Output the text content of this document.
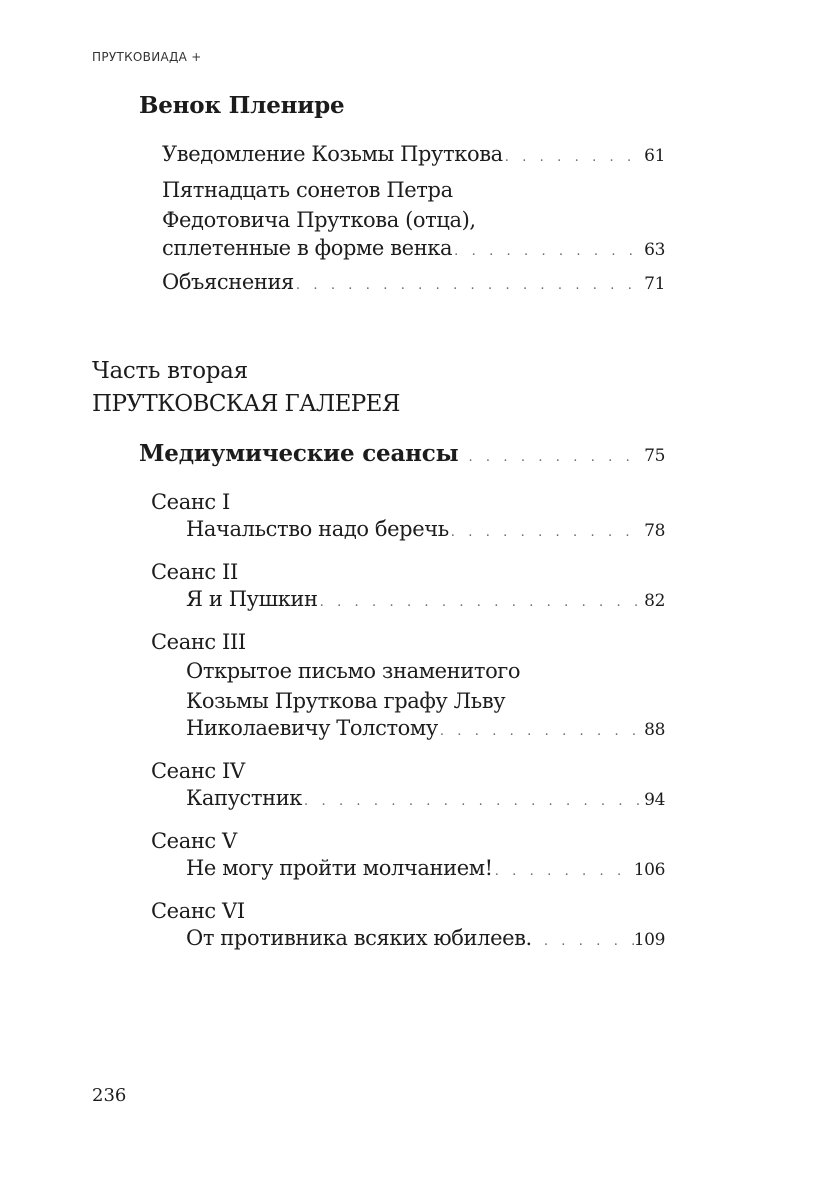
ПРУТКОВИАДА +
Венок Пленире
Уведомление Козьмы Пруткова . . .	61
Пятнадцать сонетов Петра
Федотовича Пруткова (отца),
сплетенные в форме венка . . .	63
Объяснения . . .	71
Часть вторая
ПРУТКОВСКАЯ ГАЛЕРЕЯ
Медиумические сеансы . . .	75
Сеанс I
Начальство надо беречь . . .	78
Сеанс II
Я и Пушкин . . .	82
Сеанс III
Открытое письмо знаменитого
Козьмы Пруткова графу Льву
Николаевичу Толстому . . .	88
Сеанс IV
Капустник . . .	94
Сеанс V
Не могу пройти молчанием! . . .	106
Сеанс VI
От противника всяких юбилеев. . . .	109
236
